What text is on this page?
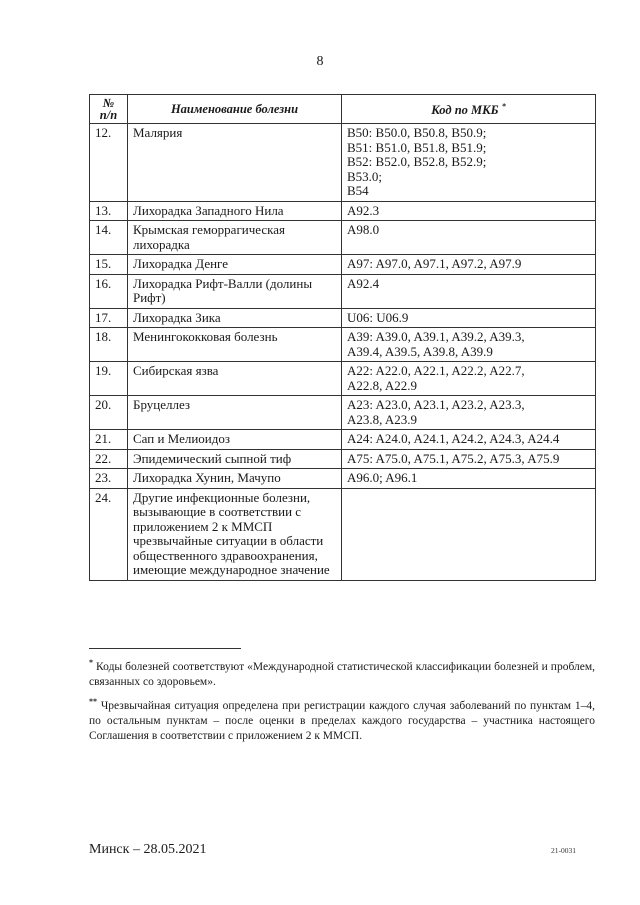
8
№
п/п	Наименование болезни	Код по МКБ *
12.	Малярия	B50: B50.0, B50.8, B50.9;
B51: B51.0, B51.8, B51.9;
B52: B52.0, B52.8, B52.9;
B53.0;
B54

13.	Лихорадка Западного Нила	A92.3

14.	Крымская геморрагическая лихорадка	A98.0

15.	Лихорадка Денге	A97: A97.0, A97.1, A97.2, A97.9

16.	Лихорадка Рифт-Валли (долины Рифт)	A92.4

17.	Лихорадка Зика	U06: U06.9

18.	Менингококковая болезнь	A39: A39.0, A39.1, A39.2, A39.3,
A39.4, A39.5, A39.8, A39.9

19.	Сибирская язва	A22: A22.0, A22.1, A22.2, A22.7,
A22.8, A22.9

20.	Бруцеллез	A23: A23.0, A23.1, A23.2, A23.3,
A23.8, A23.9

21.	Сап и Мелиоидоз	A24: A24.0, A24.1, A24.2, A24.3, A24.4

22.	Эпидемический сыпной тиф	A75: A75.0, A75.1, A75.2, A75.3, A75.9

23.	Лихорадка Хунин, Мачупо	A96.0; A96.1

24.	Другие инфекционные болезни, вызывающие в соответствии с приложением 2 к ММСП чрезвычайные ситуации в области общественного здравоохранения, имеющие международное значение	

* Коды болезней соответствуют «Международной статистической классификации болезней и проблем, связанных со здоровьем».

** Чрезвычайная ситуация определена при регистрации каждого случая заболеваний по пунктам 1–4, по остальным пунктам – после оценки в пределах каждого государства – участника настоящего Соглашения в соответствии с приложением 2 к ММСП.

Минск – 28.05.2021	21-0031
